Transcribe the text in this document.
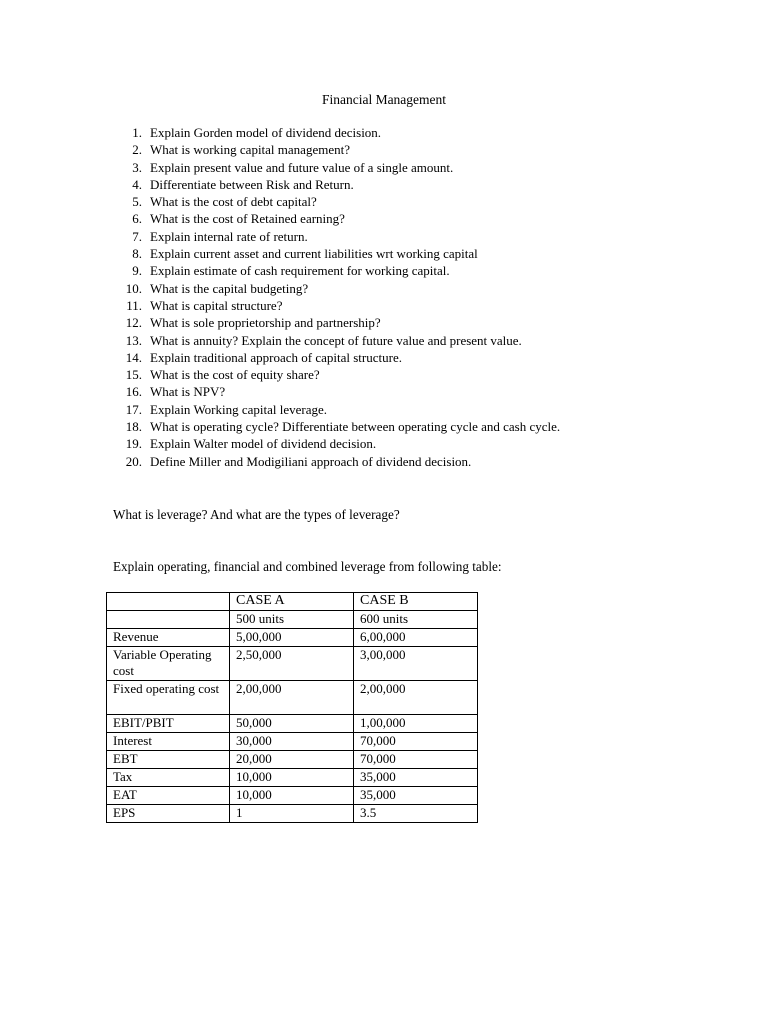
Financial Management
1. Explain Gorden model of dividend decision.
2. What is working capital management?
3. Explain present value and future value of a single amount.
4. Differentiate between Risk and Return.
5. What is the cost of debt capital?
6. What is the cost of Retained earning?
7. Explain internal rate of return.
8. Explain current asset and current liabilities wrt working capital
9. Explain estimate of cash requirement for working capital.
10. What is the capital budgeting?
11. What is capital structure?
12. What is sole proprietorship and partnership?
13. What is annuity? Explain the concept of future value and present value.
14. Explain traditional approach of capital structure.
15. What is the cost of equity share?
16. What is NPV?
17. Explain Working capital leverage.
18. What is operating cycle? Differentiate between operating cycle and cash cycle.
19. Explain Walter model of dividend decision.
20. Define Miller and Modigiliani approach of dividend decision.
What is leverage? And what are the types of leverage?
Explain operating, financial and combined leverage from following table:
	CASE A	CASE B
	500 units	600 units
Revenue	5,00,000	6,00,000
Variable Operating cost	2,50,000	3,00,000
Fixed operating cost	2,00,000	2,00,000
EBIT/PBIT	50,000	1,00,000
Interest	30,000	70,000
EBT	20,000	70,000
Tax	10,000	35,000
EAT	10,000	35,000
EPS	1	3.5
